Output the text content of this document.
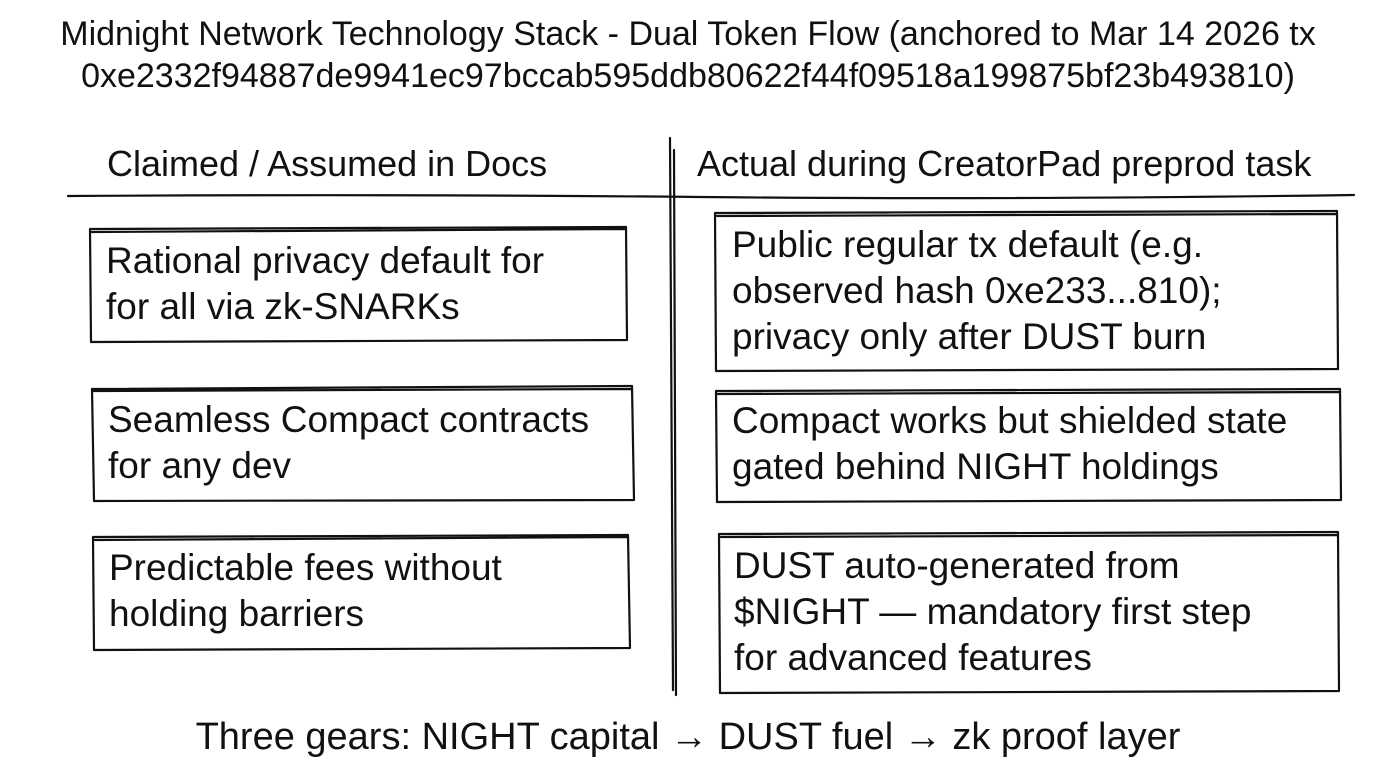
Midnight Network Technology Stack - Dual Token Flow (anchored to Mar 14 2026 tx
0xe2332f94887de9941ec97bccab595ddb80622f44f09518a199875bf23b493810)
Claimed / Assumed in Docs	Actual during CreatorPad preprod task
Rational privacy default for
for all via zk-SNARKs
Seamless Compact contracts
for any dev
Predictable fees without
holding barriers
Public regular tx default (e.g.
observed hash 0xe233...810);
privacy only after DUST burn
Compact works but shielded state
gated behind NIGHT holdings
DUST auto-generated from
$NIGHT — mandatory first step
for advanced features
Three gears: NIGHT capital → DUST fuel → zk proof layer
